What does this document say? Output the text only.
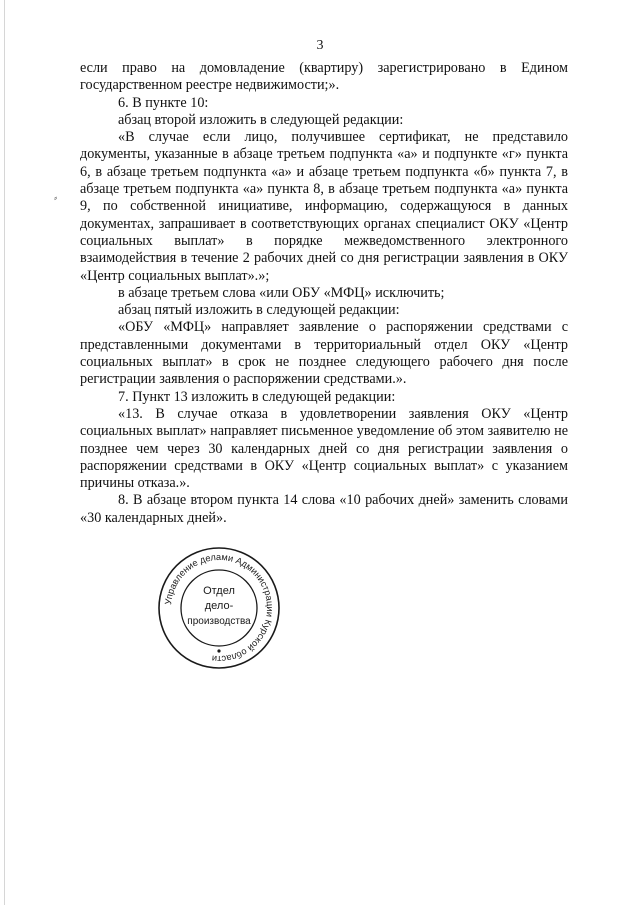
3

если право на домовладение (квартиру) зарегистрировано в Едином государственном реестре недвижимости;».

6. В пункте 10:

абзац второй изложить в следующей редакции:

«В случае если лицо, получившее сертификат, не представило документы, указанные в абзаце третьем подпункта «а» и подпункте «г» пункта 6, в абзаце третьем подпункта «а» и абзаце третьем подпункта «б» пункта 7, в абзаце третьем подпункта «а» пункта 8, в абзаце третьем подпункта «а» пункта 9, по собственной инициативе, информацию, содержащуюся в данных документах, запрашивает в соответствующих органах специалист ОКУ «Центр социальных выплат» в порядке межведомственного электронного взаимодействия в течение 2 рабочих дней со дня регистрации заявления в ОКУ «Центр социальных выплат».»;

в абзаце третьем слова «или ОБУ «МФЦ» исключить;

абзац пятый изложить в следующей редакции:

«ОБУ «МФЦ» направляет заявление о распоряжении средствами с представленными документами в территориальный отдел ОКУ «Центр социальных выплат» в срок не позднее следующего рабочего дня после регистрации заявления о распоряжении средствами.».

7. Пункт 13 изложить в следующей редакции:

«13. В случае отказа в удовлетворении заявления ОКУ «Центр социальных выплат» направляет письменное уведомление об этом заявителю не позднее чем через 30 календарных дней со дня регистрации заявления о распоряжении средствами в ОКУ «Центр социальных выплат» с указанием причины отказа.».

8. В абзаце втором пункта 14 слова «10 рабочих дней» заменить словами «30 календарных дней».

Управление делами Администрации Курской области
Отдел
дело-
производства
⸗
